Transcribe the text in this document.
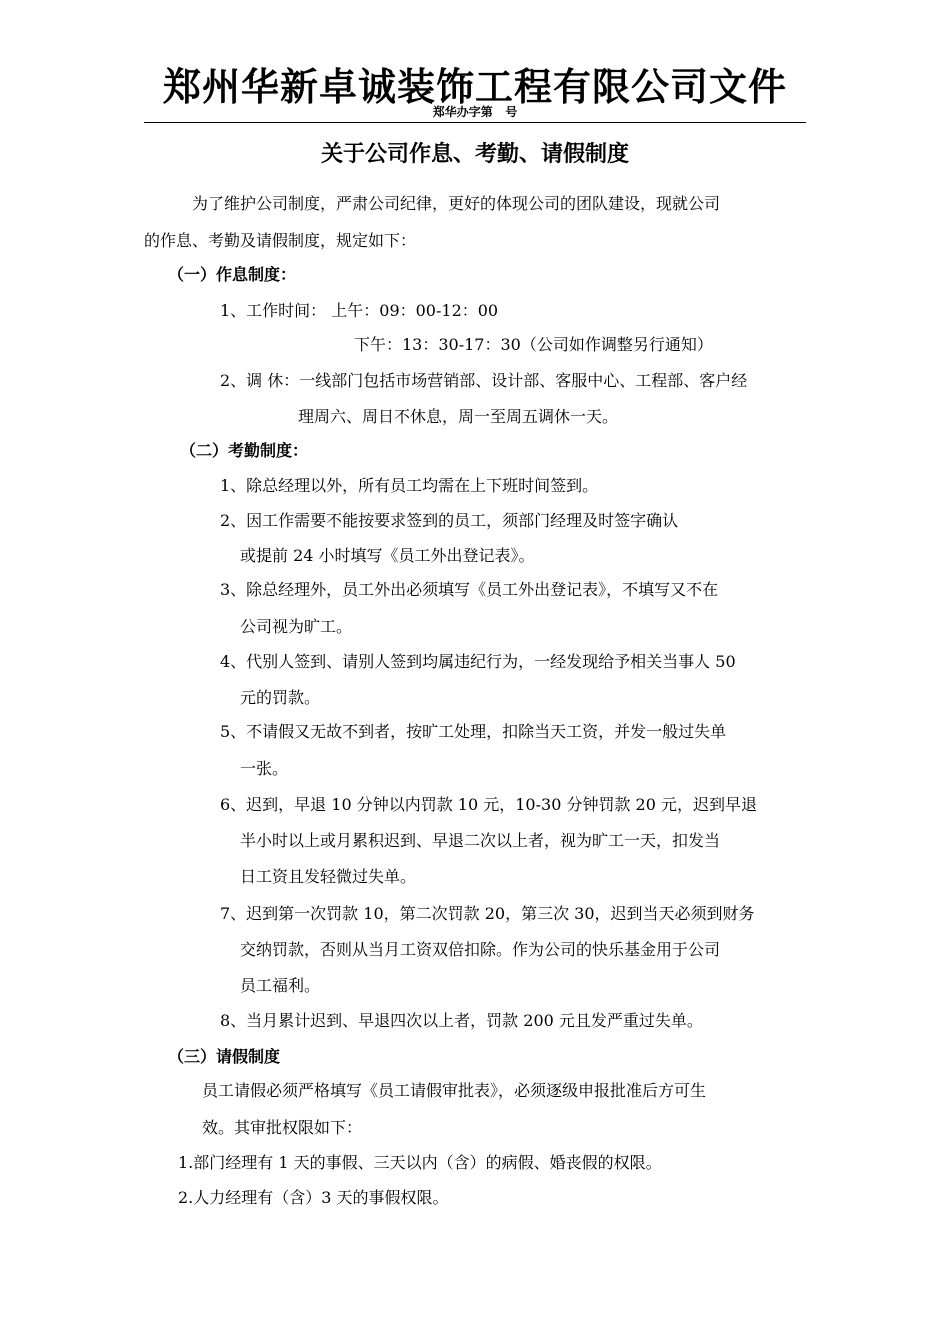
郑州华新卓诚装饰工程有限公司文件
郑华办字第   号
关于公司作息、考勤、请假制度
为了维护公司制度，严肃公司纪律，更好的体现公司的团队建设，现就公司
的作息、考勤及请假制度，规定如下：
（一）作息制度：
1、工作时间： 上午：09：00-12：00
下午：13：30-17：30（公司如作调整另行通知）
2、调 休：一线部门包括市场营销部、设计部、客服中心、工程部、客户经
理周六、周日不休息，周一至周五调休一天。
（二）考勤制度：
1、除总经理以外，所有员工均需在上下班时间签到。
2、因工作需要不能按要求签到的员工，须部门经理及时签字确认
或提前 24 小时填写《员工外出登记表》。
3、除总经理外，员工外出必须填写《员工外出登记表》，不填写又不在
公司视为旷工。
4、代别人签到、请别人签到均属违纪行为，一经发现给予相关当事人 50
元的罚款。
5、不请假又无故不到者，按旷工处理，扣除当天工资，并发一般过失单
一张。
6、迟到，早退 10 分钟以内罚款 10 元，10-30 分钟罚款 20 元，迟到早退
半小时以上或月累积迟到、早退二次以上者，视为旷工一天，扣发当
日工资且发轻微过失单。
7、迟到第一次罚款 10，第二次罚款 20，第三次 30，迟到当天必须到财务
交纳罚款，否则从当月工资双倍扣除。作为公司的快乐基金用于公司
员工福利。
8、当月累计迟到、早退四次以上者，罚款 200 元且发严重过失单。
（三）请假制度
员工请假必须严格填写《员工请假审批表》，必须逐级申报批准后方可生
效。其审批权限如下：
1.部门经理有 1 天的事假、三天以内（含）的病假、婚丧假的权限。
2.人力经理有（含）3 天的事假权限。
